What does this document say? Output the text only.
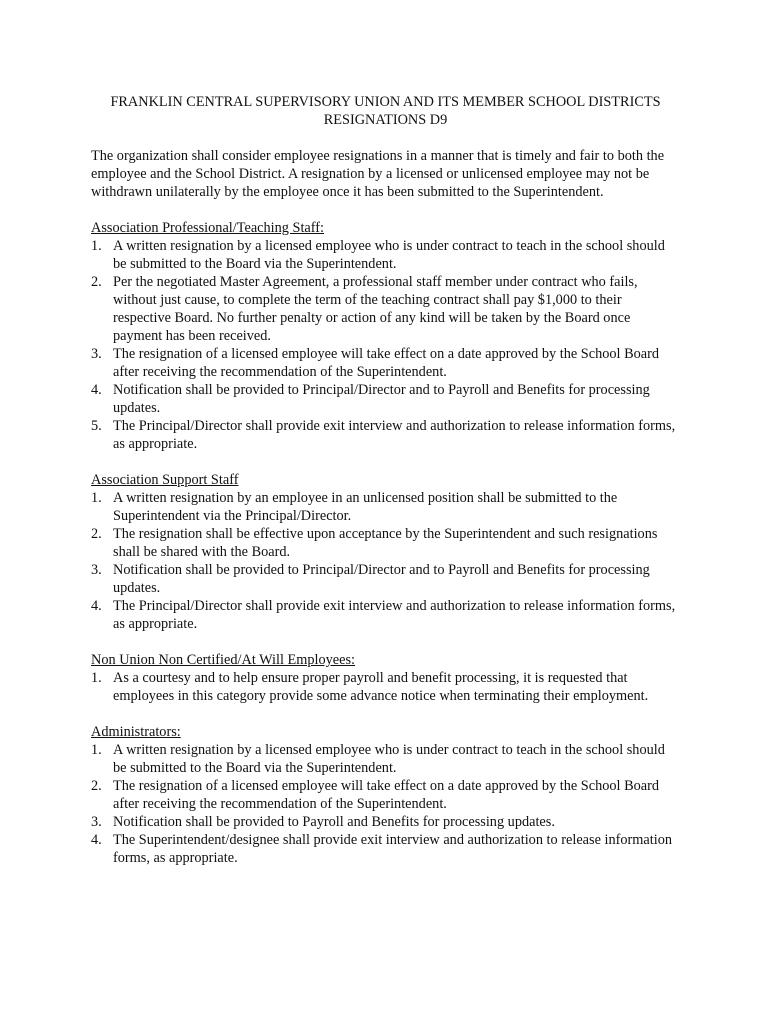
FRANKLIN CENTRAL SUPERVISORY UNION AND ITS MEMBER SCHOOL DISTRICTS
RESIGNATIONS D9

The organization shall consider employee resignations in a manner that is timely and fair to both the employee and the School District. A resignation by a licensed or unlicensed employee may not be withdrawn unilaterally by the employee once it has been submitted to the Superintendent.

Association Professional/Teaching Staff:

1. A written resignation by a licensed employee who is under contract to teach in the school should be submitted to the Board via the Superintendent.
2. Per the negotiated Master Agreement, a professional staff member under contract who fails, without just cause, to complete the term of the teaching contract shall pay $1,000 to their respective Board. No further penalty or action of any kind will be taken by the Board once payment has been received.
3. The resignation of a licensed employee will take effect on a date approved by the School Board after receiving the recommendation of the Superintendent.
4. Notification shall be provided to Principal/Director and to Payroll and Benefits for processing updates.
5. The Principal/Director shall provide exit interview and authorization to release information forms, as appropriate.

Association Support Staff

1. A written resignation by an employee in an unlicensed position shall be submitted to the Superintendent via the Principal/Director.
2. The resignation shall be effective upon acceptance by the Superintendent and such resignations shall be shared with the Board.
3. Notification shall be provided to Principal/Director and to Payroll and Benefits for processing updates.
4. The Principal/Director shall provide exit interview and authorization to release information forms, as appropriate.

Non Union Non Certified/At Will Employees:

1. As a courtesy and to help ensure proper payroll and benefit processing, it is requested that employees in this category provide some advance notice when terminating their employment.

Administrators:

1. A written resignation by a licensed employee who is under contract to teach in the school should be submitted to the Board via the Superintendent.
2. The resignation of a licensed employee will take effect on a date approved by the School Board after receiving the recommendation of the Superintendent.
3. Notification shall be provided to Payroll and Benefits for processing updates.
4. The Superintendent/designee shall provide exit interview and authorization to release information forms, as appropriate.
